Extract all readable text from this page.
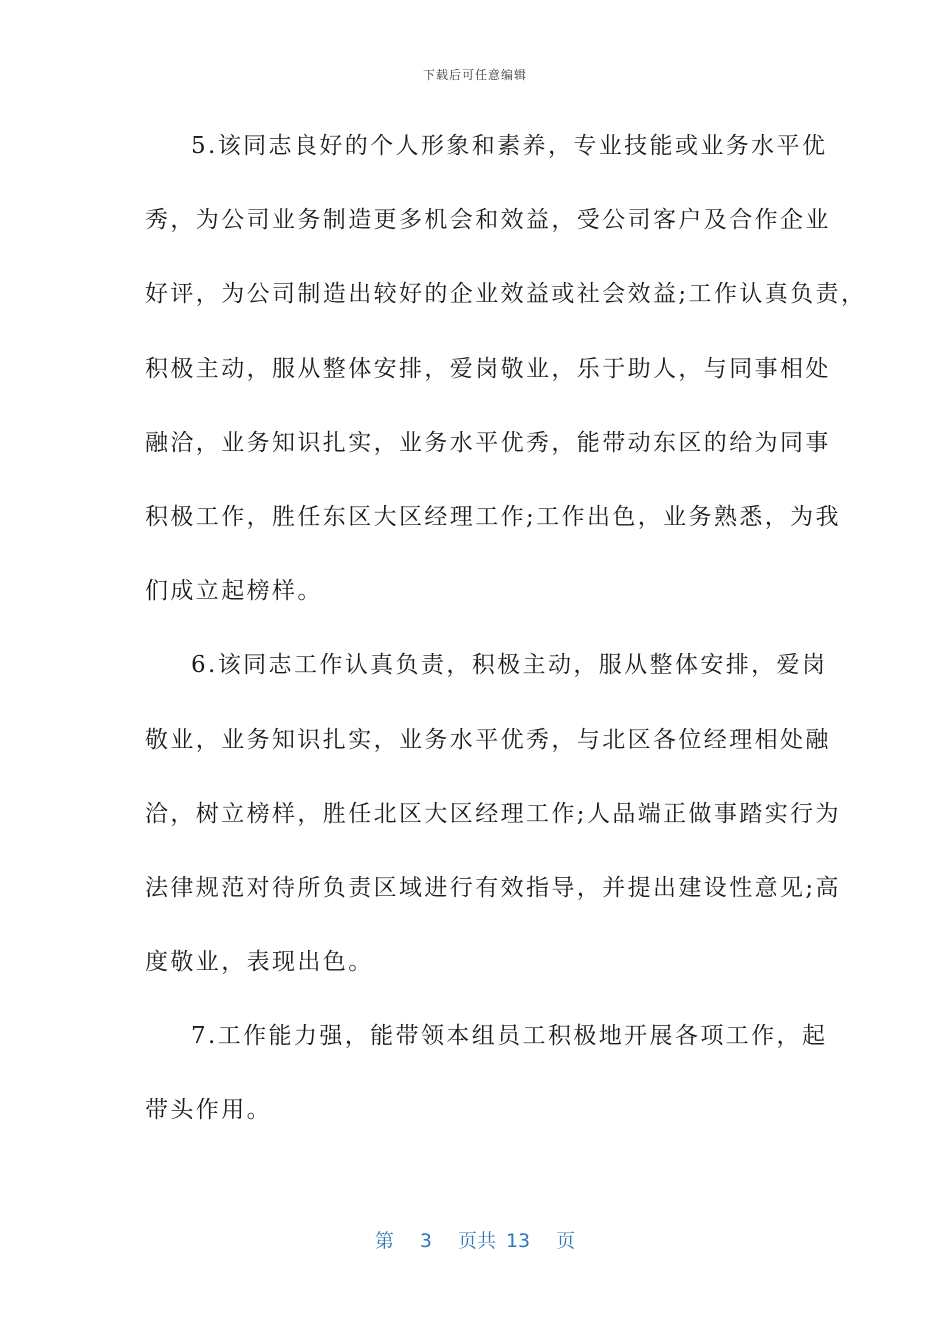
下载后可任意编辑
5.该同志良好的个人形象和素养，专业技能或业务水平优
秀，为公司业务制造更多机会和效益，受公司客户及合作企业
好评，为公司制造出较好的企业效益或社会效益;工作认真负责，
积极主动，服从整体安排，爱岗敬业，乐于助人，与同事相处
融洽，业务知识扎实，业务水平优秀，能带动东区的给为同事
积极工作，胜任东区大区经理工作;工作出色，业务熟悉，为我
们成立起榜样。
6.该同志工作认真负责，积极主动，服从整体安排，爱岗
敬业，业务知识扎实，业务水平优秀，与北区各位经理相处融
洽，树立榜样，胜任北区大区经理工作;人品端正做事踏实行为
法律规范对待所负责区域进行有效指导，并提出建设性意见;高
度敬业，表现出色。
7.工作能力强，能带领本组员工积极地开展各项工作，起
带头作用。
第 3 页共 13 页
